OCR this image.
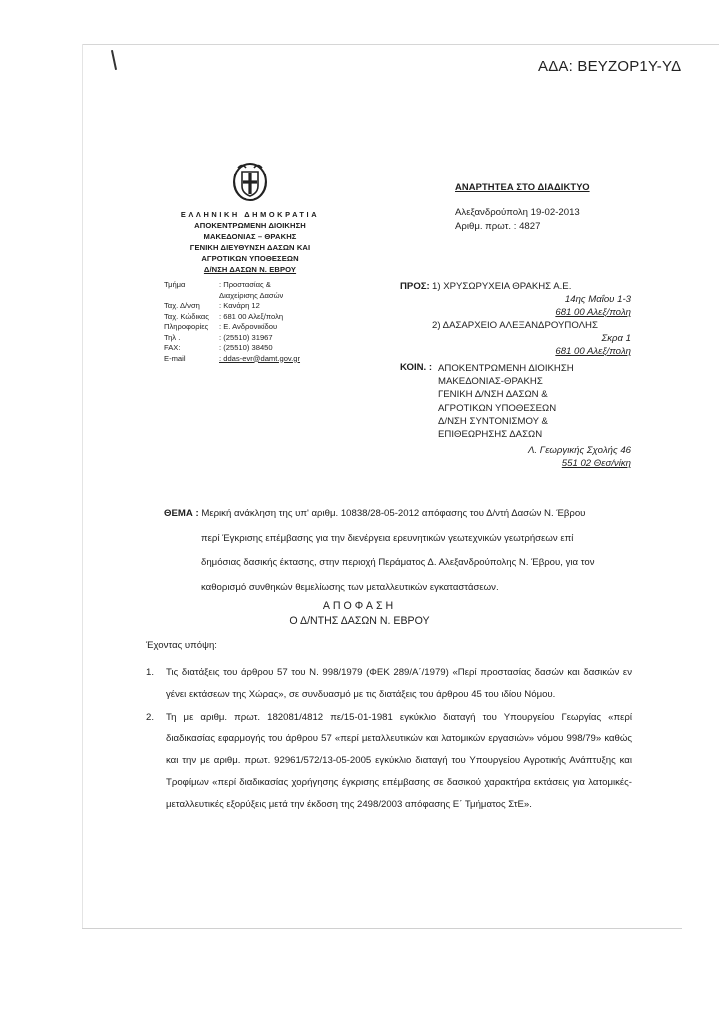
ΑΔΑ: ΒΕΥΖΟΡ1Υ-ΥΔ
ΕΛΛΗΝΙΚΗ ΔΗΜΟΚΡΑΤΙΑ
ΑΠΟΚΕΝΤΡΩΜΕΝΗ ΔΙΟΙΚΗΣΗ
ΜΑΚΕΔΟΝΙΑΣ – ΘΡΑΚΗΣ
ΓΕΝΙΚΗ ΔΙΕΥΘΥΝΣΗ ΔΑΣΩΝ ΚΑΙ
ΑΓΡΟΤΙΚΩΝ ΥΠΟΘΕΣΕΩΝ
Δ/ΝΣΗ ΔΑΣΩΝ Ν. ΕΒΡΟΥ
Τμήμα	: Προστασίας &
Διαχείρισης Δασών
Ταχ. Δ/νση	: Κανάρη 12
Ταχ. Κώδικας	: 681 00 Αλεξ/πολη
Πληροφορίες	: Ε. Ανδρονικίδου
Τηλ .	: (25510) 31967
FAX:	: (25510) 38450
E-mail	: ddas-evr@damt.gov.gr
ΑΝΑΡΤΗΤΕΑ ΣΤΟ ΔΙΑΔΙΚΤΥΟ
Αλεξανδρούπολη 19-02-2013
Αριθμ. πρωτ. : 4827
ΠΡΟΣ: 1) ΧΡΥΣΩΡΥΧΕΙΑ ΘΡΑΚΗΣ Α.Ε.
14ης Μαΐου 1-3
681 00 Αλεξ/πολη
2) ΔΑΣΑΡΧΕΙΟ ΑΛΕΞΑΝΔΡΟΥΠΟΛΗΣ
Σκρα 1
681 00 Αλεξ/πολη
ΚΟΙΝ. : ΑΠΟΚΕΝΤΡΩΜΕΝΗ ΔΙΟΙΚΗΣΗ
ΜΑΚΕΔΟΝΙΑΣ-ΘΡΑΚΗΣ
ΓΕΝΙΚΗ Δ/ΝΣΗ ΔΑΣΩΝ &
ΑΓΡΟΤΙΚΩΝ ΥΠΟΘΕΣΕΩΝ
Δ/ΝΣΗ ΣΥΝΤΟΝΙΣΜΟΥ &
ΕΠΙΘΕΩΡΗΣΗΣ ΔΑΣΩΝ
Λ. Γεωργικής Σχολής 46
551 02 Θεσ/νίκη
ΘΕΜΑ : Μερική ανάκληση της υπ' αριθμ. 10838/28-05-2012 απόφασης του Δ/ντή Δασών Ν. Έβρου
περί Έγκρισης επέμβασης για την διενέργεια ερευνητικών γεωτεχνικών γεωτρήσεων επί
δημόσιας δασικής έκτασης, στην περιοχή Περάματος Δ. Αλεξανδρούπολης Ν. Έβρου, για τον
καθορισμό συνθηκών θεμελίωσης των μεταλλευτικών εγκαταστάσεων.
ΑΠΟΦΑΣΗ
Ο Δ/ΝΤΗΣ ΔΑΣΩΝ Ν. ΕΒΡΟΥ
Έχοντας υπόψη:
1.	Τις διατάξεις του άρθρου 57 του Ν. 998/1979 (ΦΕΚ 289/Α΄/1979) «Περί προστασίας δασών και δασικών εν γένει εκτάσεων της Χώρας», σε συνδυασμό με τις διατάξεις του άρθρου 45 του ιδίου Νόμου.
2.	Τη με αριθμ. πρωτ. 182081/4812 πε/15-01-1981 εγκύκλιο διαταγή του Υπουργείου Γεωργίας «περί διαδικασίας εφαρμογής του άρθρου 57 «περί μεταλλευτικών και λατομικών εργασιών» νόμου 998/79» καθώς και την με αριθμ. πρωτ. 92961/572/13-05-2005 εγκύκλιο διαταγή του Υπουργείου Αγροτικής Ανάπτυξης και Τροφίμων «περί διαδικασίας χορήγησης έγκρισης επέμβασης σε δασικού χαρακτήρα εκτάσεις για λατομικές-μεταλλευτικές εξορύξεις μετά την έκδοση της 2498/2003 απόφασης Ε΄ Τμήματος ΣτΕ».
